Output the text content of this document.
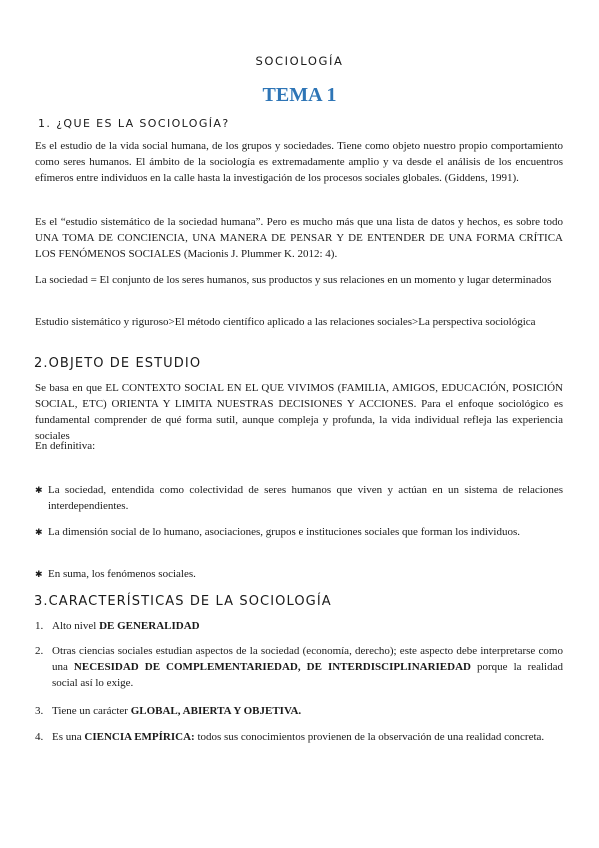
SOCIOLOGÍA
TEMA 1
1. ¿QUE ES LA SOCIOLOGÍA?

Es el estudio de la vida social humana, de los grupos y sociedades. Tiene como objeto nuestro propio comportamiento como seres humanos. El ámbito de la sociología es extremadamente amplio y va desde el análisis de los encuentros efímeros entre individuos en la calle hasta la investigación de los procesos sociales globales. (Giddens, 1991).

Es el “estudio sistemático de la sociedad humana”. Pero es mucho más que una lista de datos y hechos, es sobre todo UNA TOMA DE CONCIENCIA, UNA MANERA DE PENSAR Y DE ENTENDER DE UNA FORMA CRÍTICA LOS FENÓMENOS SOCIALES (Macionis J. Plummer K. 2012: 4).

La sociedad = El conjunto de los seres humanos, sus productos y sus relaciones en un momento y lugar determinados

Estudio sistemático y riguroso>El método científico aplicado a las relaciones sociales>La perspectiva sociológica

2.OBJETO DE ESTUDIO

Se basa en que EL CONTEXTO SOCIAL EN EL QUE VIVIMOS (FAMILIA, AMIGOS, EDUCACIÓN, POSICIÓN SOCIAL, ETC) ORIENTA Y LIMITA NUESTRAS DECISIONES Y ACCIONES. Para el enfoque sociológico es fundamental comprender de qué forma sutil, aunque compleja y profunda, la vida individual refleja las experiencia sociales

En definitiva:

✱ La sociedad, entendida como colectividad de seres humanos que viven y actúan en un sistema de relaciones interdependientes.
✱ La dimensión social de lo humano, asociaciones, grupos e instituciones sociales que forman los individuos.
✱ En suma, los fenómenos sociales.
3.CARACTERÍSTICAS DE LA SOCIOLOGÍA
1. Alto nivel DE GENERALIDAD
2. Otras ciencias sociales estudian aspectos de la sociedad (economía, derecho); este aspecto debe interpretarse como una NECESIDAD DE COMPLEMENTARIEDAD, DE INTERDISCIPLINARIEDAD porque la realidad social así lo exige.
3. Tiene un carácter GLOBAL, ABIERTA Y OBJETIVA.
4. Es una CIENCIA EMPÍRICA: todos sus conocimientos provienen de la observación de una realidad concreta.
